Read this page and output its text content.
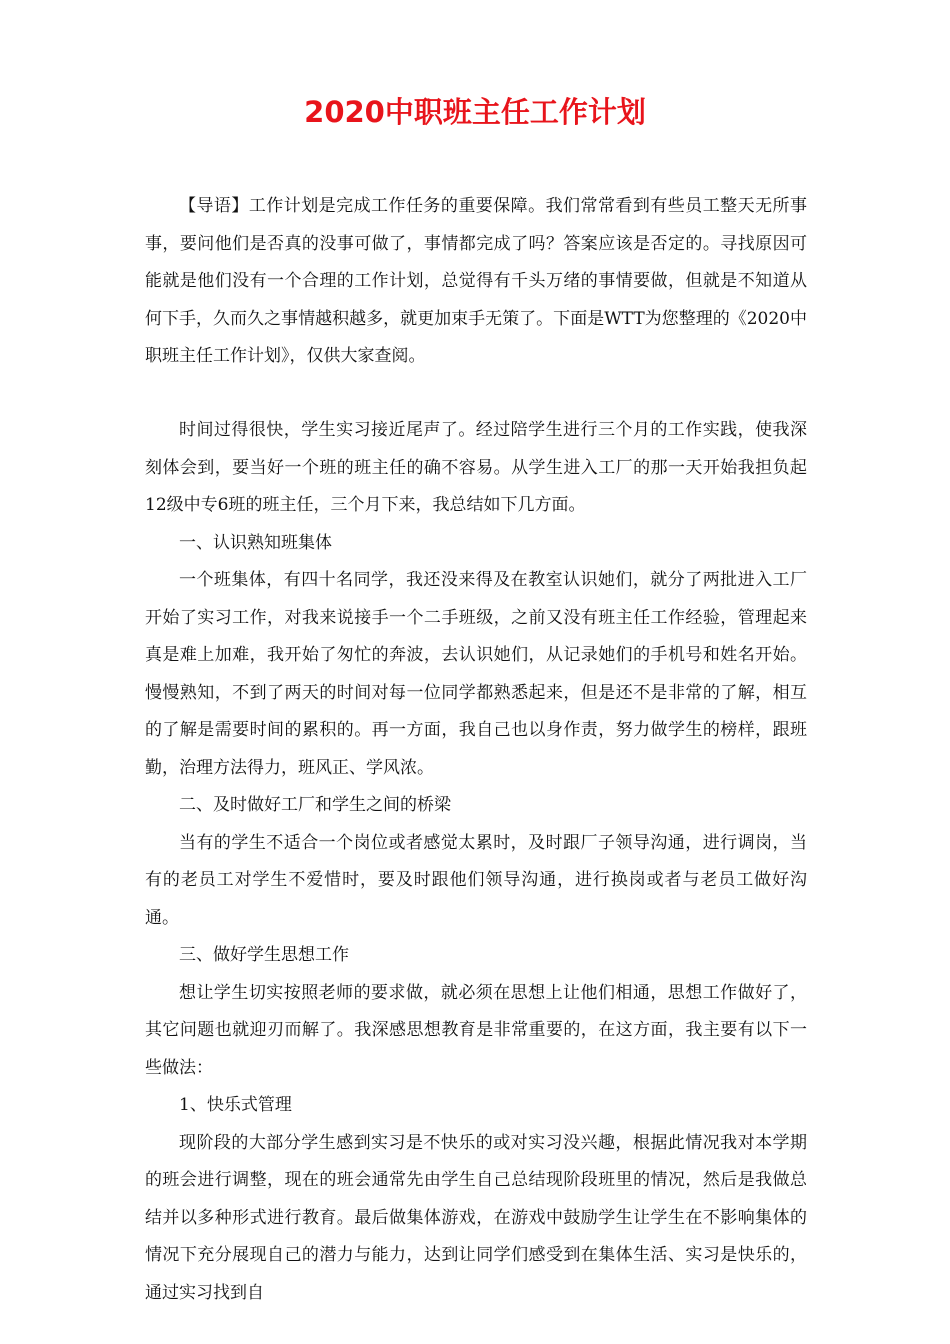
2020中职班主任工作计划

【导语】工作计划是完成工作任务的重要保障。我们常常看到有些员工整天无所事事，要问他们是否真的没事可做了，事情都完成了吗？答案应该是否定的。寻找原因可能就是他们没有一个合理的工作计划，总觉得有千头万绪的事情要做，但就是不知道从何下手，久而久之事情越积越多，就更加束手无策了。下面是WTT为您整理的《2020中职班主任工作计划》，仅供大家查阅。

时间过得很快，学生实习接近尾声了。经过陪学生进行三个月的工作实践，使我深刻体会到，要当好一个班的班主任的确不容易。从学生进入工厂的那一天开始我担负起12级中专6班的班主任，三个月下来，我总结如下几方面。

一、认识熟知班集体

一个班集体，有四十名同学，我还没来得及在教室认识她们，就分了两批进入工厂开始了实习工作，对我来说接手一个二手班级，之前又没有班主任工作经验，管理起来真是难上加难，我开始了匆忙的奔波，去认识她们，从记录她们的手机号和姓名开始。慢慢熟知，不到了两天的时间对每一位同学都熟悉起来，但是还不是非常的了解，相互的了解是需要时间的累积的。再一方面，我自己也以身作责，努力做学生的榜样，跟班勤，治理方法得力，班风正、学风浓。

二、及时做好工厂和学生之间的桥梁

当有的学生不适合一个岗位或者感觉太累时，及时跟厂子领导沟通，进行调岗，当有的老员工对学生不爱惜时，要及时跟他们领导沟通，进行换岗或者与老员工做好沟通。

三、做好学生思想工作

想让学生切实按照老师的要求做，就必须在思想上让他们相通，思想工作做好了，其它问题也就迎刃而解了。我深感思想教育是非常重要的，在这方面，我主要有以下一些做法：

1、快乐式管理

现阶段的大部分学生感到实习是不快乐的或对实习没兴趣，根据此情况我对本学期的班会进行调整，现在的班会通常先由学生自己总结现阶段班里的情况，然后是我做总结并以多种形式进行教育。最后做集体游戏，在游戏中鼓励学生让学生在不影响集体的情况下充分展现自己的潜力与能力，达到让同学们感受到在集体生活、实习是快乐的，通过实习找到自
